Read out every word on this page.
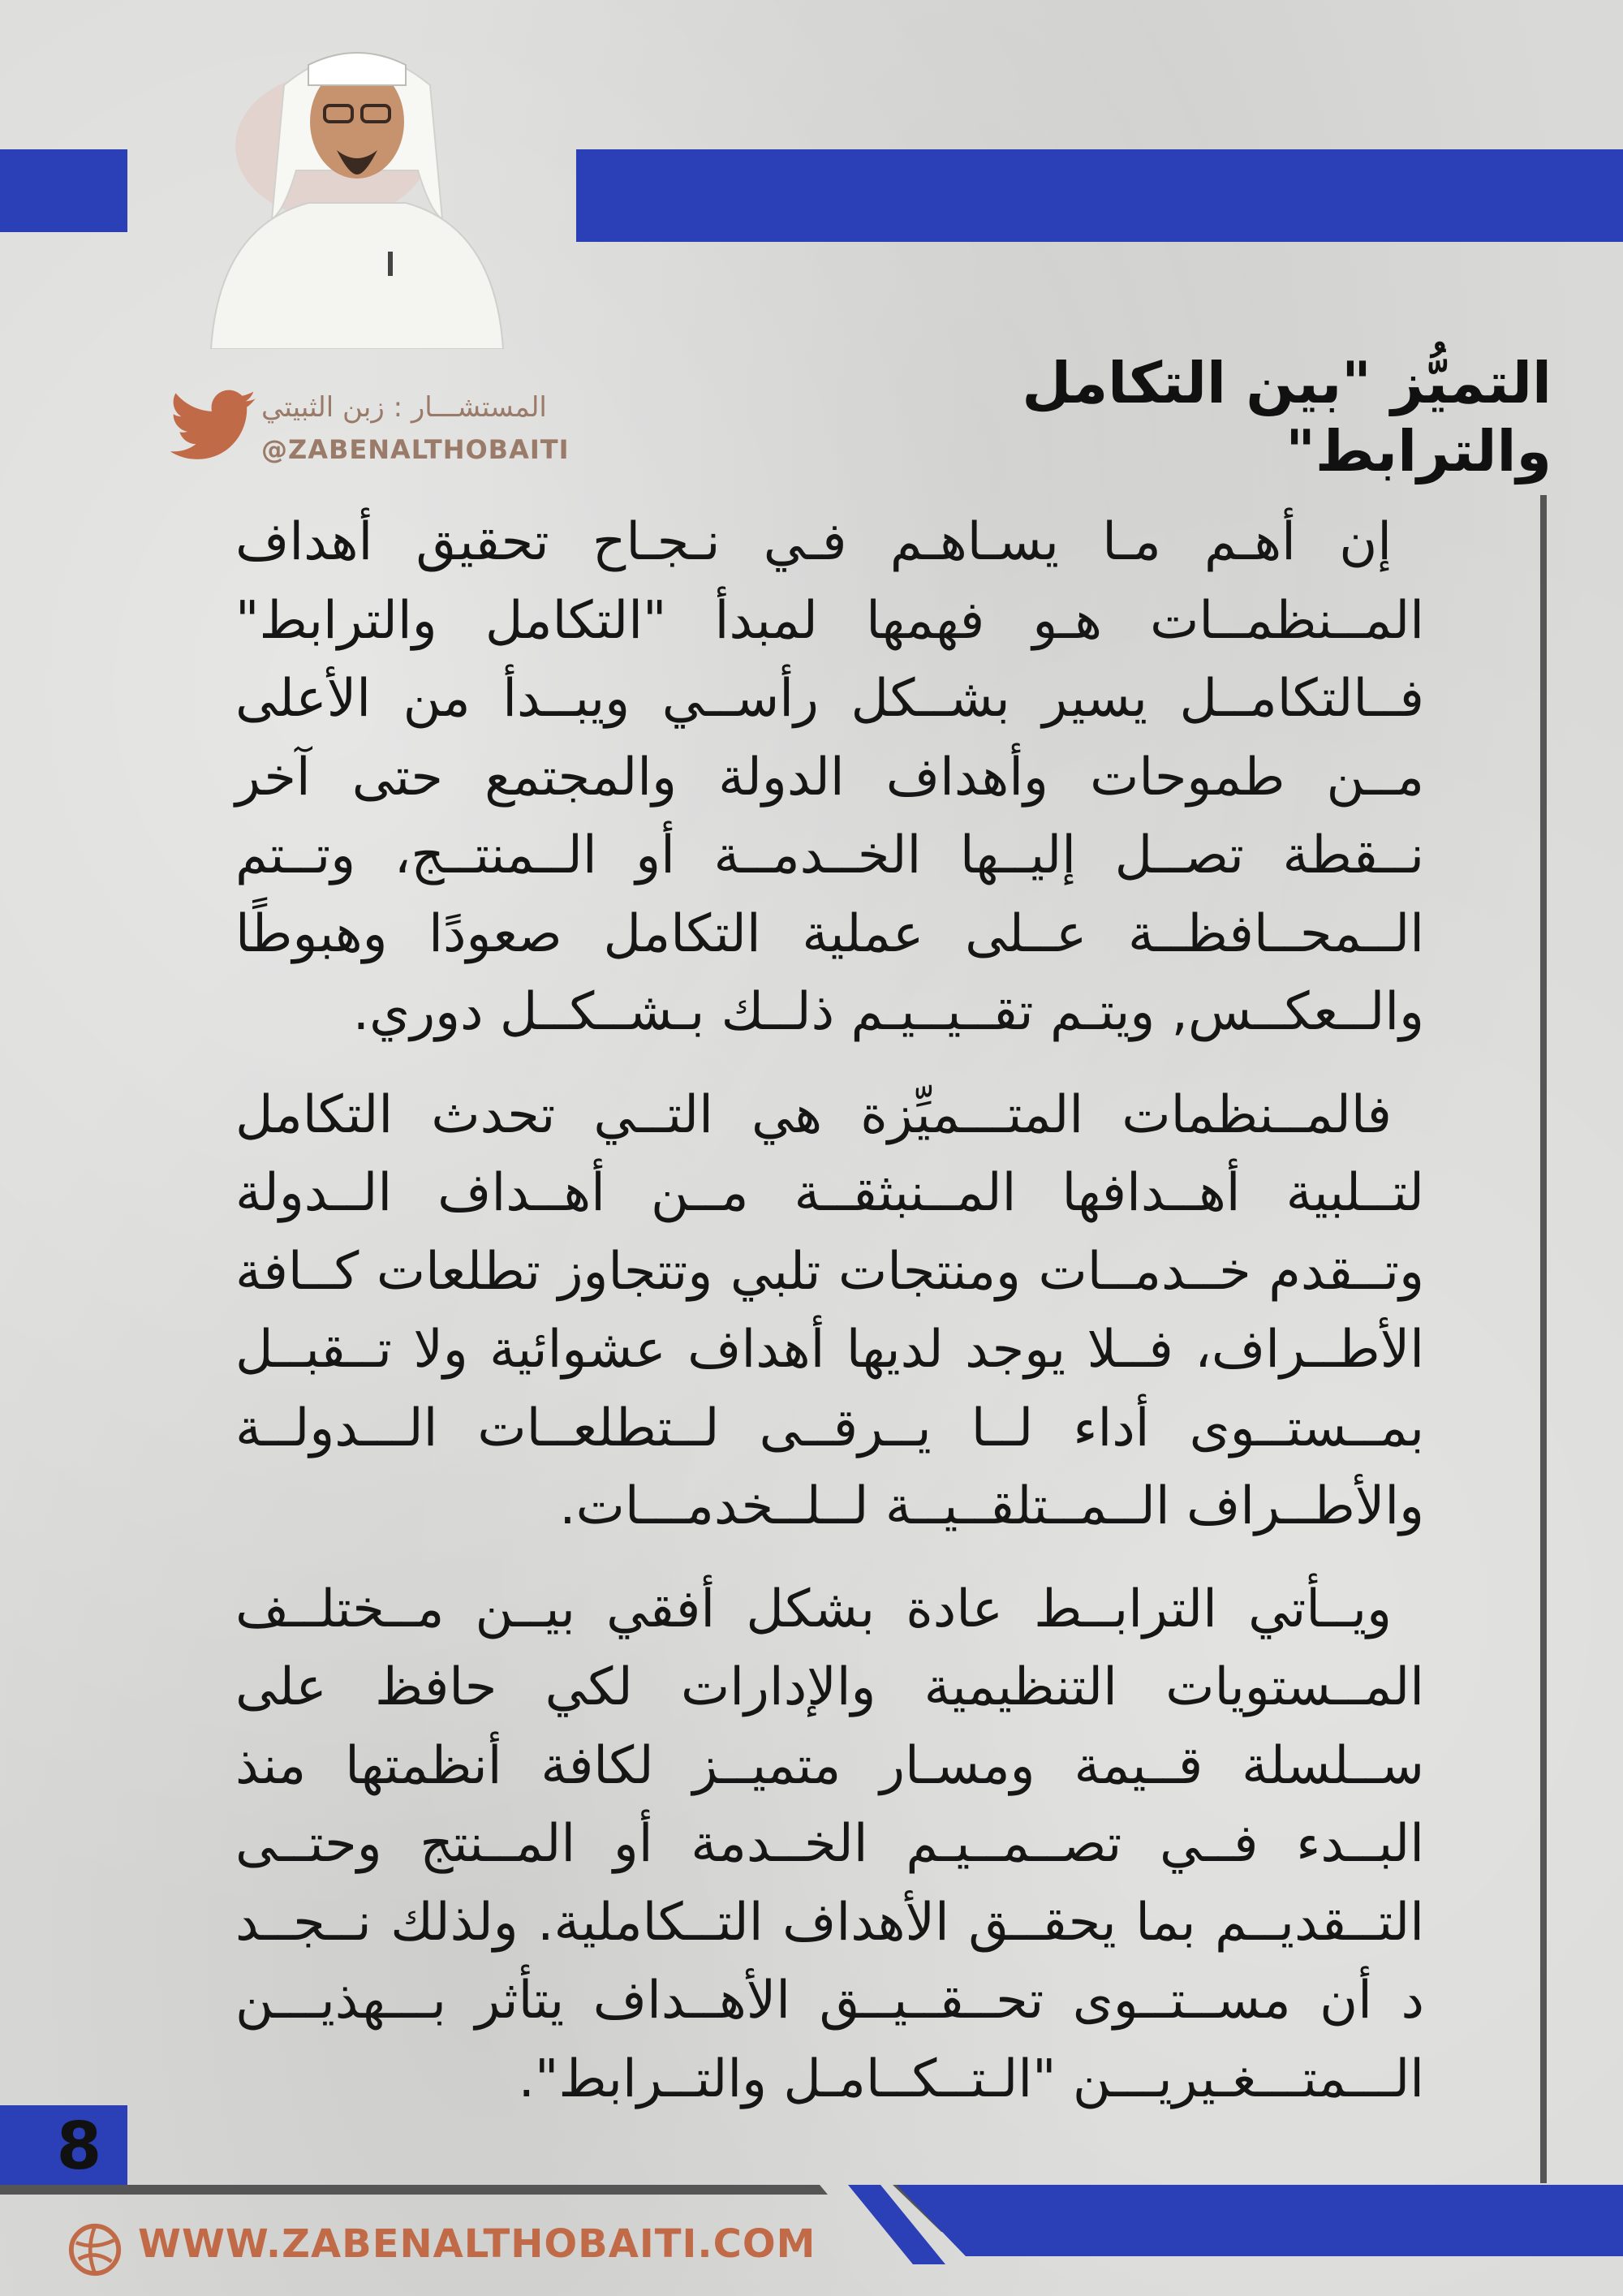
التميُّز "بين التكامل والترابط"
المستشـــار : زبن الثبيتي
@ZABENALTHOBAITI

إن أهـم مـا يسـاهـم فـي نـجـاح تحقيق أهداف المــنظمــات هـو فهمها لمبدأ "التكامل والترابط" فــالتكامــل يسير بشــكل رأســي ويبــدأ من الأعلى مــن طموحات وأهداف الدولة والمجتمع حتى آخر نــقطة تصــل إليــها الخــدمــة أو الــمنتــج، وتــتم الــمحــافظــة عــلى عملية التكامل صعودًا وهبوطًا والــعكــس, ويتـم تقــيــيـم ذلــك بـشــكــل دوري.

فالمــنظمات المتـــميِّزة هي التــي تحدث التكامل لتــلبية أهــدافها المــنبثقــة مــن أهــداف الــدولة وتــقدم خــدمــات ومنتجات تلبي وتتجاوز تطلعات كــافة الأطــراف، فــلا يوجد لديها أهداف عشوائية ولا تــقبــل بمــستــوى أداء لــا يــرقــى لــتطلعــات الـــدولــة والأطــراف الــمــتلقــيــة لــلــخدمـــات.

ويــأتي الترابــط عادة بشكل أفقي بيــن مــختلــف المــستويات التنظيمية والإدارات لكي حافظ على ســلسلة قــيمة ومسـار متميــز لكافة أنظمتها منذ البــدء فــي تصــمــيـم الخــدمة أو المــنتج وحتــى التــقديــم بما يحقــق الأهداف التــكاملية. ولذلك نــجــد د أن مســتــوى تحــقــيــق الأهــداف يتأثر بـــهذيـــن الـــمتـــغـيريـــن "الـتــكــامـل والتــرابط".

8
WWW.ZABENALTHOBAITI.COM
